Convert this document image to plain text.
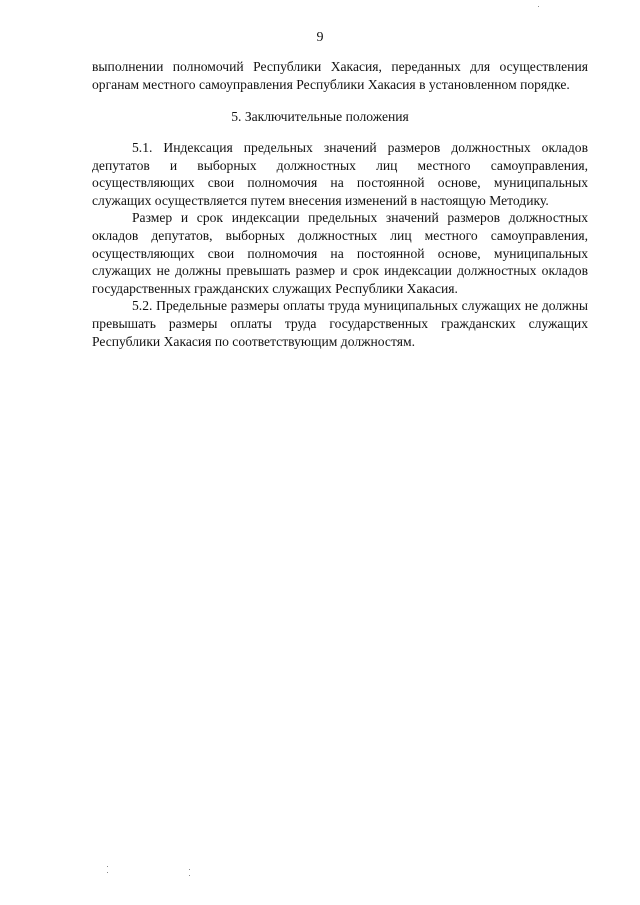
9

выполнении полномочий Республики Хакасия, переданных для осуществления органам местного самоуправления Республики Хакасия в установленном порядке.

5. Заключительные положения

5.1. Индексация предельных значений размеров должностных окладов депутатов и выборных должностных лиц местного самоуправления, осуществляющих свои полномочия на постоянной основе, муниципальных служащих осуществляется путем внесения изменений в настоящую Методику.

Размер и срок индексации предельных значений размеров должностных окладов депутатов, выборных должностных лиц местного самоуправления, осуществляющих свои полномочия на постоянной основе, муниципальных служащих не должны превышать размер и срок индексации должностных окладов государственных гражданских служащих Республики Хакасия.

5.2. Предельные размеры оплаты труда муниципальных служащих не должны превышать размеры оплаты труда государственных гражданских служащих Республики Хакасия по соответствующим должностям.
